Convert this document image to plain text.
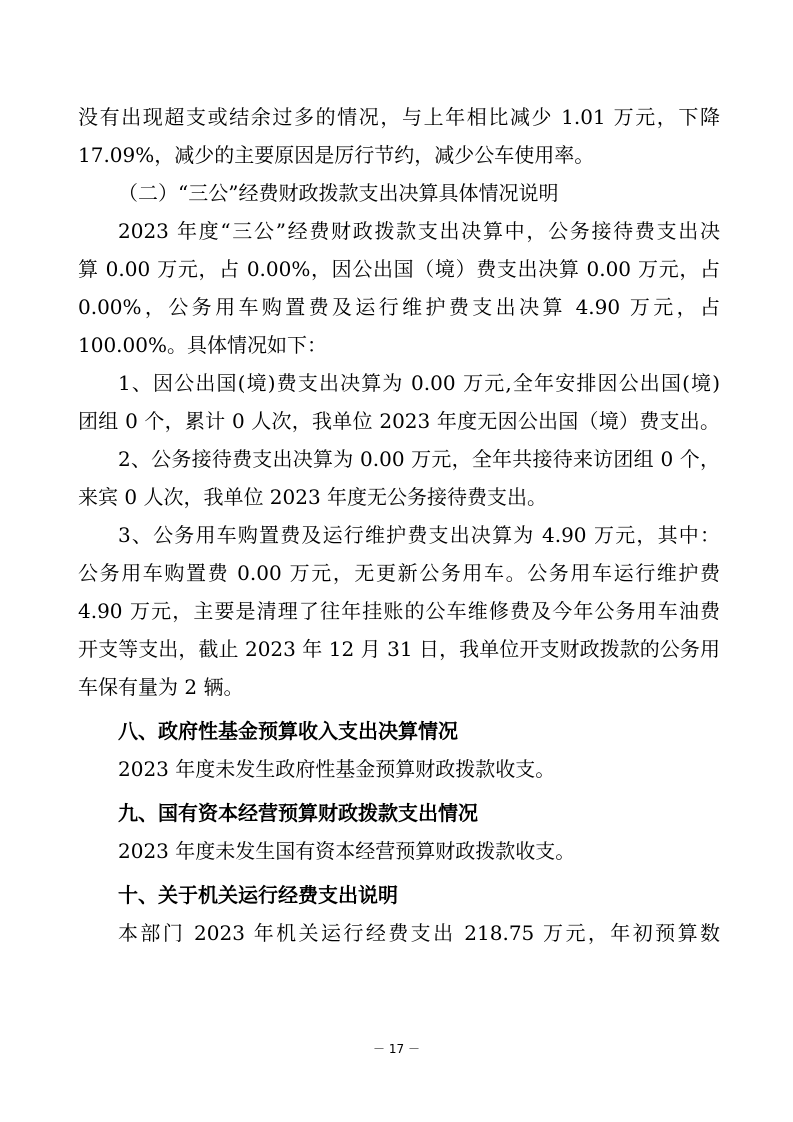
没有出现超支或结余过多的情况，与上年相比减少 1.01 万元，下降
17.09%，减少的主要原因是厉行节约，减少公车使用率。
（二）“三公”经费财政拨款支出决算具体情况说明
2023 年度“三公”经费财政拨款支出决算中，公务接待费支出决
算 0.00 万元，占 0.00%，因公出国（境）费支出决算 0.00 万元，占
0.00%，公务用车购置费及运行维护费支出决算 4.90 万元，占
100.00%。具体情况如下：
1、因公出国(境)费支出决算为 0.00 万元,全年安排因公出国(境)
团组 0 个，累计 0 人次，我单位 2023 年度无因公出国（境）费支出。
2、公务接待费支出决算为 0.00 万元，全年共接待来访团组 0 个，
来宾 0 人次，我单位 2023 年度无公务接待费支出。
3、公务用车购置费及运行维护费支出决算为 4.90 万元，其中：
公务用车购置费 0.00 万元，无更新公务用车。公务用车运行维护费
4.90 万元，主要是清理了往年挂账的公车维修费及今年公务用车油费
开支等支出，截止 2023 年 12 月 31 日，我单位开支财政拨款的公务用
车保有量为 2 辆。
八、政府性基金预算收入支出决算情况
2023 年度未发生政府性基金预算财政拨款收支。
九、国有资本经营预算财政拨款支出情况
2023 年度未发生国有资本经营预算财政拨款收支。
十、关于机关运行经费支出说明
本部门 2023 年机关运行经费支出 218.75 万元，年初预算数
－ 17 －
